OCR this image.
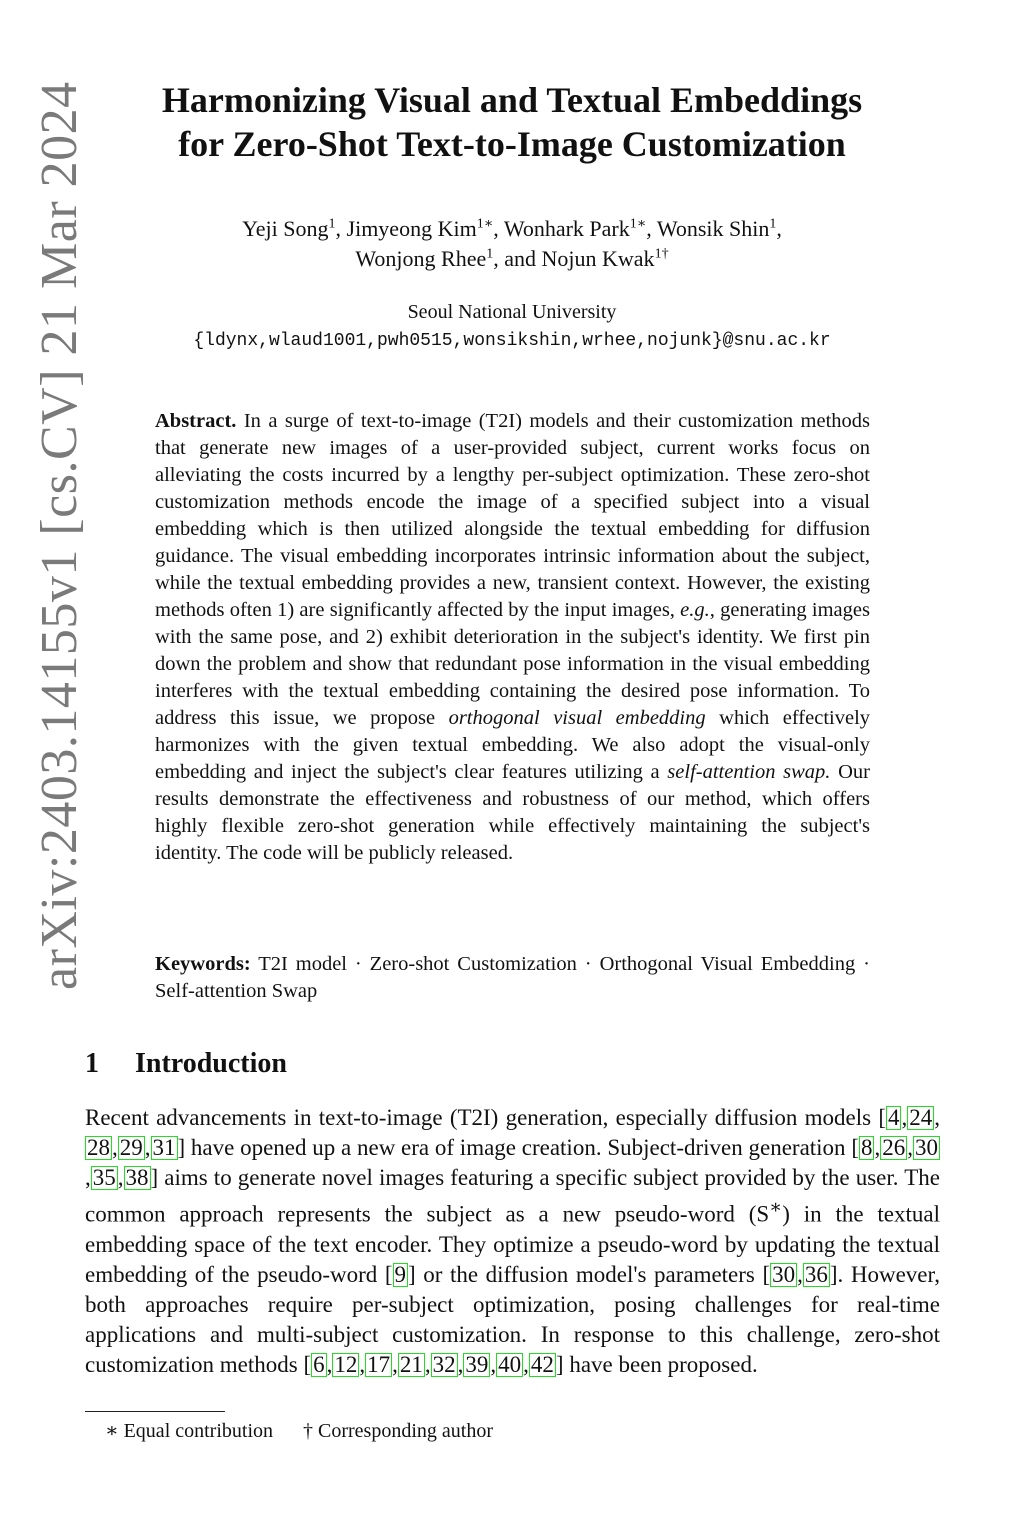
arXiv:2403.14155v1 [cs.CV] 21 Mar 2024	Harmonizing Visual and Textual Embeddings
for Zero-Shot Text-to-Image Customization
Yeji Song$^1$, Jimyeong Kim$^{1∗}$, Wonhark Park$^{1∗}$, Wonsik Shin$^1$,
Wonjong Rhee$^1$, and Nojun Kwak$^{1\dagger}$
Seoul National University
{ldynx,wlaud1001,pwh0515,wonsikshin,wrhee,nojunk}@snu.ac.kr
Abstract. In a surge of text-to-image (T2I) models and their customization methods that generate new images of a user-provided subject, current works focus on alleviating the costs incurred by a lengthy per-subject optimization. These zero-shot customization methods encode the image of a specified subject into a visual embedding which is then utilized alongside the textual embedding for diffusion guidance. The visual embedding incorporates intrinsic information about the subject, while the textual embedding provides a new, transient context. However, the existing methods often 1) are significantly affected by the input images, e.g., generating images with the same pose, and 2) exhibit deterioration in the subject's identity. We first pin down the problem and show that redundant pose information in the visual embedding interferes with the textual embedding containing the desired pose information. To address this issue, we propose orthogonal visual embedding which effectively harmonizes with the given textual embedding. We also adopt the visual-only embedding and inject the subject's clear features utilizing a self-attention swap. Our results demonstrate the effectiveness and robustness of our method, which offers highly flexible zero-shot generation while effectively maintaining the subject's identity. The code will be publicly released.
Keywords: T2I model · Zero-shot Customization · Orthogonal Visual Embedding · Self-attention Swap
1 Introduction
Recent advancements in text-to-image (T2I) generation, especially diffusion models [4,24,28,29,31] have opened up a new era of image creation. Subject-driven generation [8,26,30,35,38] aims to generate novel images featuring a specific subject provided by the user. The common approach represents the subject as a new pseudo-word (S∗) in the textual embedding space of the text encoder. They optimize a pseudo-word by updating the textual embedding of the pseudo-word [9] or the diffusion model's parameters [30,36]. However, both approaches require per-subject optimization, posing challenges for real-time applications and multi-subject customization. In response to this challenge, zero-shot customization methods [6,12,17,21,32,39,40,42] have been proposed.
∗ Equal contribution † Corresponding author
